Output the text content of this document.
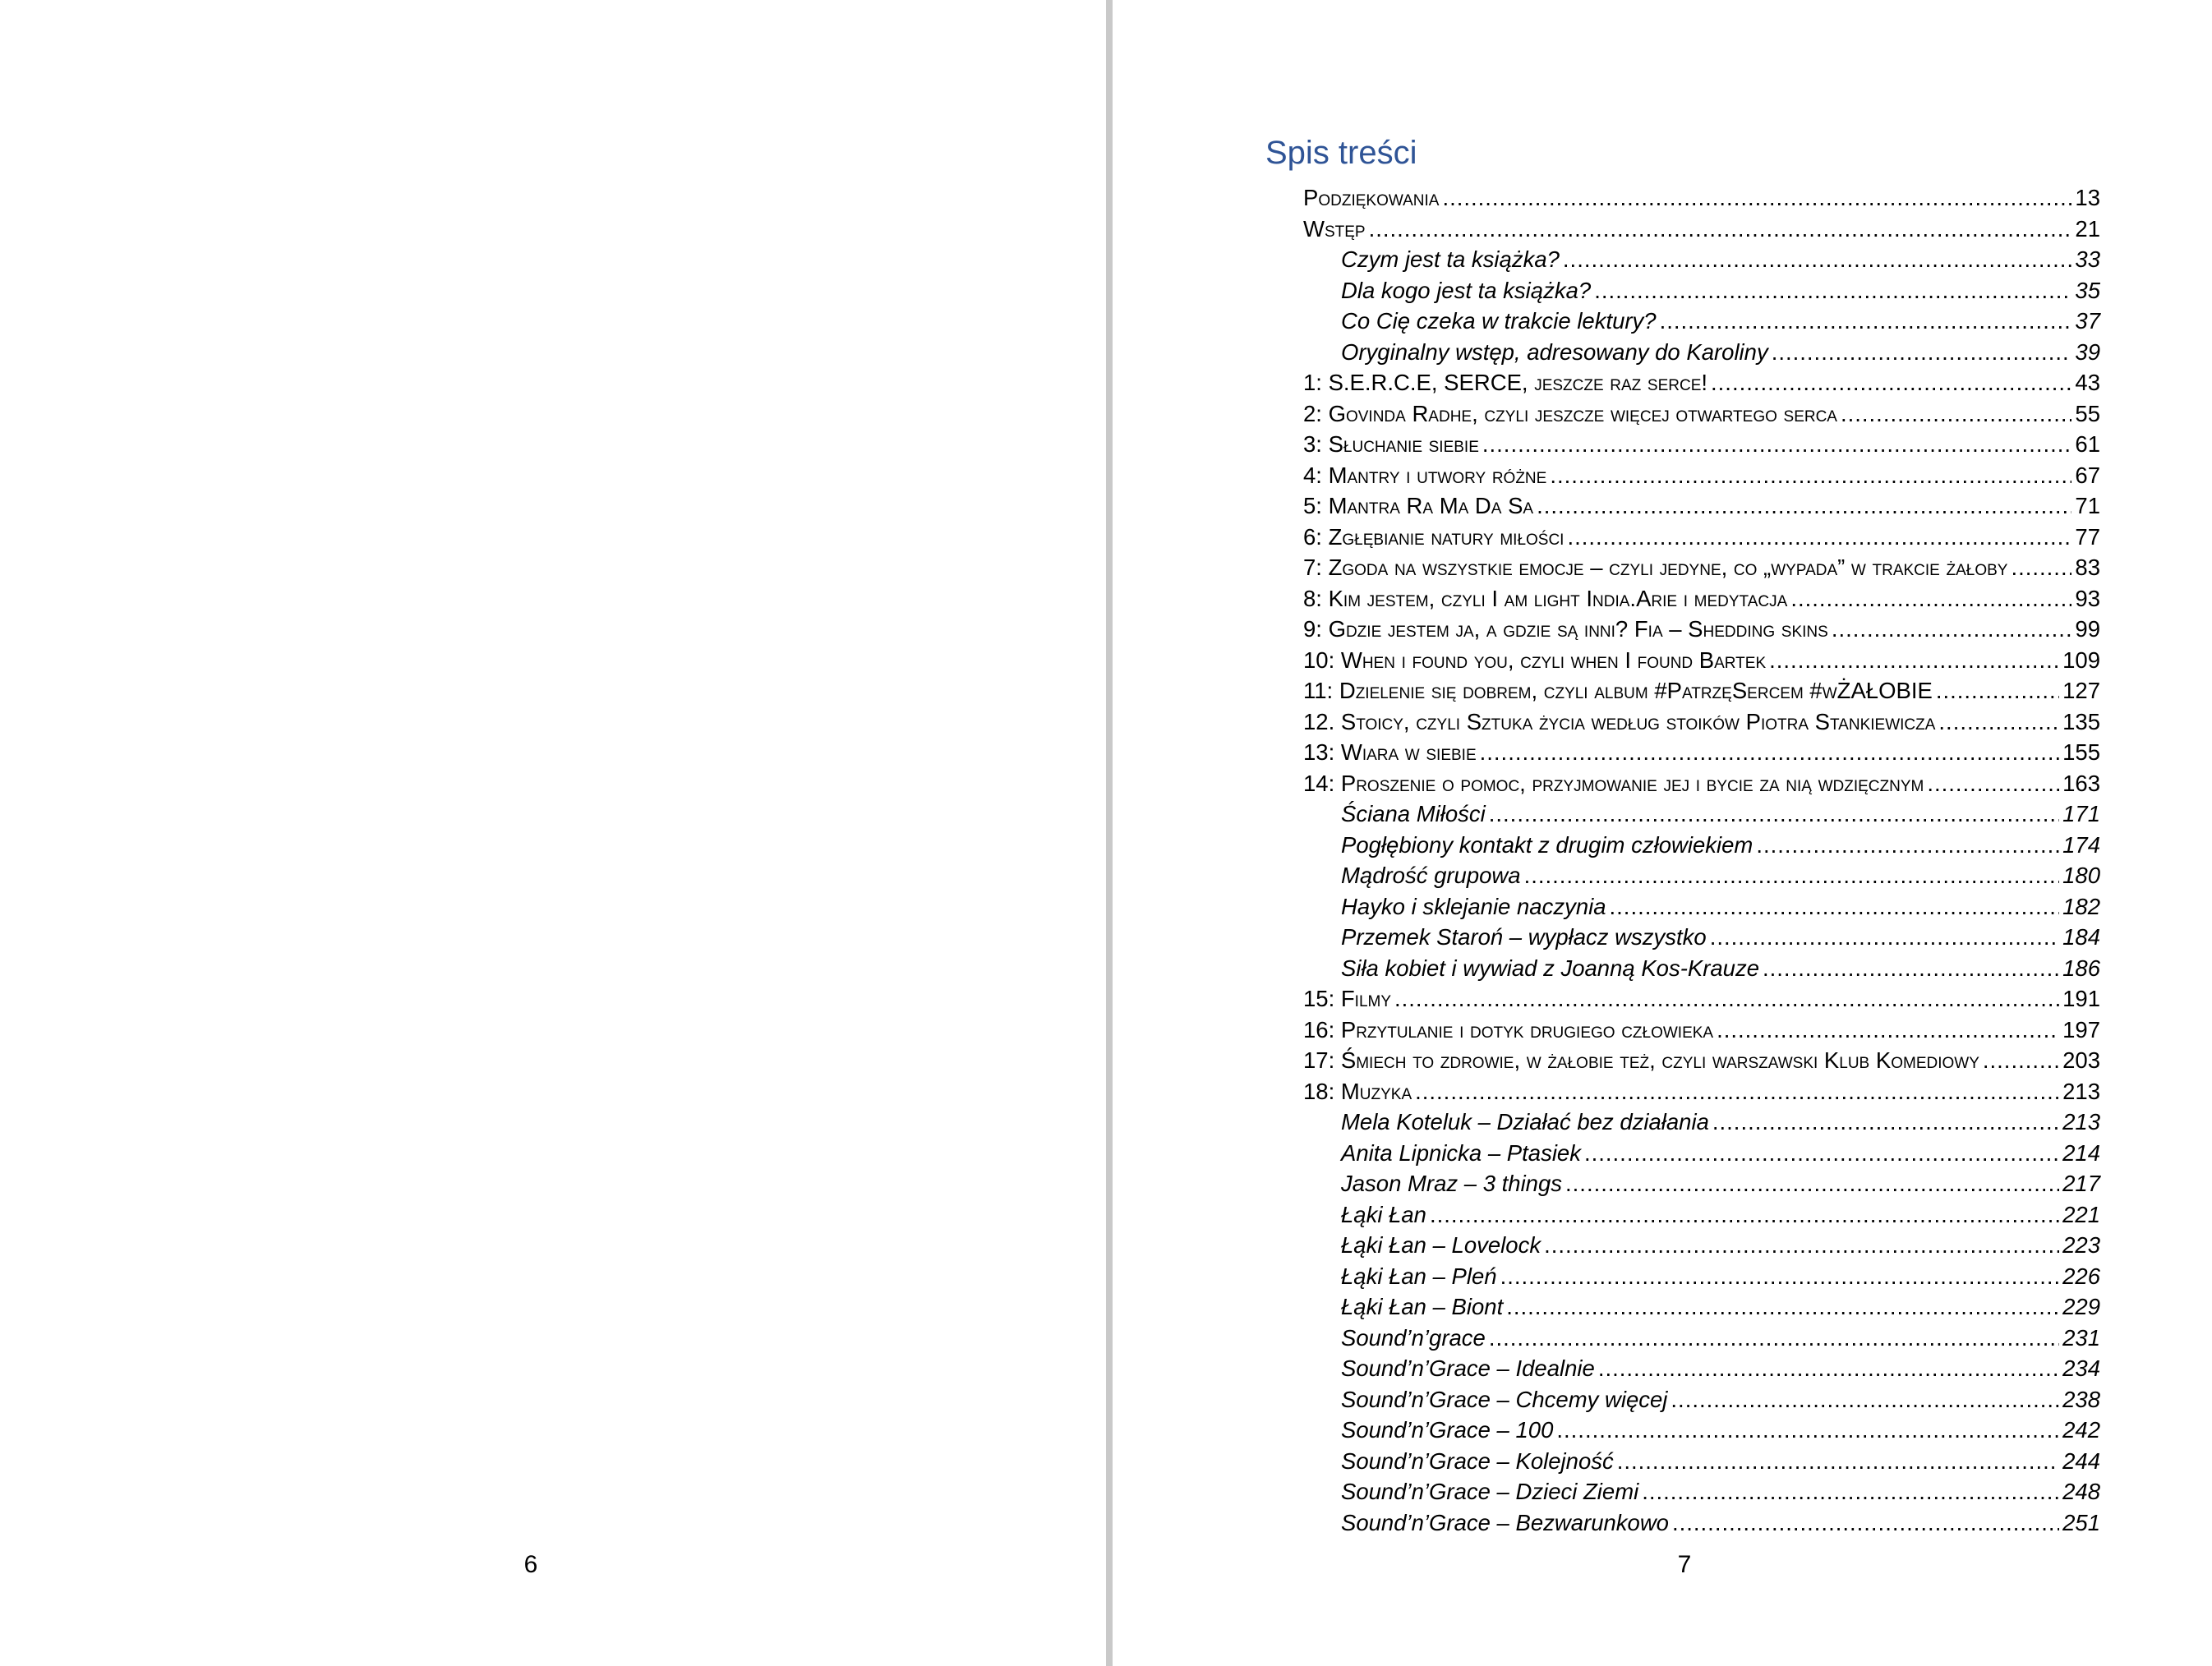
6
Spis treści
Podziękowania .....	13
Wstęp .....	21
Czym jest ta książka? .....	33
Dla kogo jest ta książka? .....	35
Co Cię czeka w trakcie lektury? .....	37
Oryginalny wstęp, adresowany do Karoliny .....	39
1: S.E.R.C.E, SERCE, jeszcze raz serce! .....	43
2: Govinda Radhe, czyli jeszcze więcej otwartego serca .....	55
3: Słuchanie siebie .....	61
4: Mantry i utwory różne .....	67
5: Mantra Ra Ma Da Sa .....	71
6: Zgłębianie natury miłości .....	77
7: Zgoda na wszystkie emocje – czyli jedyne, co „wypada” w trakcie żałoby .....	83
8: Kim jestem, czyli I am light India.Arie i medytacja .....	93
9: Gdzie jestem ja, a gdzie są inni? Fia – Shedding skins .....	99
10: When i found you, czyli when I found Bartek .....	109
11: Dzielenie się dobrem, czyli album #PatrzęSercem #wŻAŁOBIE .....	127
12. Stoicy, czyli Sztuka życia według stoików Piotra Stankiewicza .....	135
13: Wiara w siebie .....	155
14: Proszenie o pomoc, przyjmowanie jej i bycie za nią wdzięcznym .....	163
Ściana Miłości .....	171
Pogłębiony kontakt z drugim człowiekiem .....	174
Mądrość grupowa .....	180
Hayko i sklejanie naczynia .....	182
Przemek Staroń – wypłacz wszystko .....	184
Siła kobiet i wywiad z Joanną Kos-Krauze .....	186
15: Filmy .....	191
16: Przytulanie i dotyk drugiego człowieka .....	197
17: Śmiech to zdrowie, w żałobie też, czyli warszawski Klub Komediowy .....	203
18: Muzyka .....	213
Mela Koteluk – Działać bez działania .....	213
Anita Lipnicka – Ptasiek .....	214
Jason Mraz – 3 things .....	217
Łąki Łan .....	221
Łąki Łan – Lovelock .....	223
Łąki Łan – Pleń .....	226
Łąki Łan – Biont .....	229
Sound’n’grace .....	231
Sound’n’Grace – Idealnie .....	234
Sound’n’Grace – Chcemy więcej .....	238
Sound’n’Grace – 100 .....	242
Sound’n’Grace – Kolejność .....	244
Sound’n’Grace – Dzieci Ziemi .....	248
Sound’n’Grace – Bezwarunkowo .....	251
7
